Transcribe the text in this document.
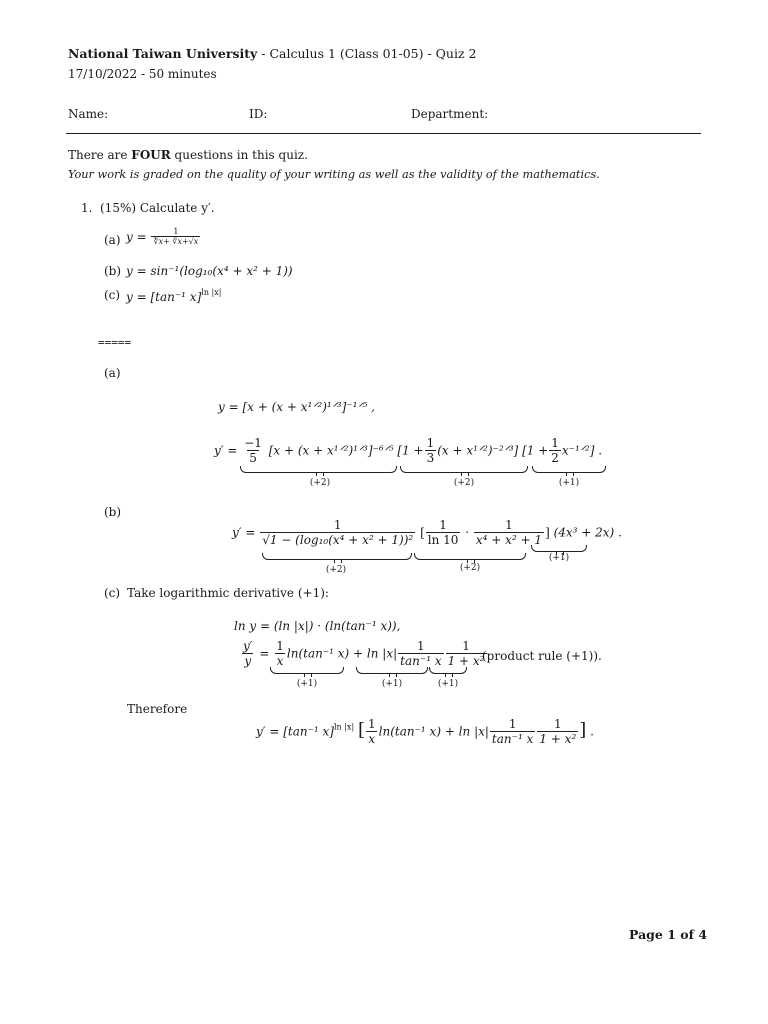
National Taiwan University - Calculus 1 (Class 01-05) - Quiz 2
17/10/2022 - 50 minutes
Name:	ID:	Department:
There are FOUR questions in this quiz.
Your work is graded on the quality of your writing as well as the validity of the mathematics.
1. (15%) Calculate y′.
(a) $y = \frac{1}{∜x+ ∛x+√x}$
(b) y = sin⁻¹(log₁₀(x⁴ + x² + 1))
(c) y = [tan⁻¹ x]$^{ln |x|}$
=====
(a)
y = [x + (x + x¹ᐟ²)¹ᐟ³]⁻¹ᐟ⁵ ,
$y' = \frac{-1}{5} [x + (x$ + x¹ᐟ²)¹ᐟ³]⁻⁶ᐟ⁵ [$1 + \frac{1}{3} (x$ + x¹ᐟ²)⁻²ᐟ³] [$1 + \frac{1}{2}$ x⁻¹ᐟ²] .
(+2)	(+2)	(+1)
(b)
$y' = \frac{1}{\text{√1 − (log₁₀(x⁴ + x² + 1))²}}$ [ $\frac{1}{\ln 10} \cdot \frac{1}{\text{x⁴ + x² + 1}}$ ] (4x³ + 2x) .
(+2)	(+2)
(+1)
(c) Take logarithmic derivative (+1):
ln y = (ln |x|) · (ln(tan⁻¹ x)),
$\frac{y'}{y} = \frac{1}{x} \ln(\tan^{-1}$ $x) + \ln |x| \frac{1}{\text{tan⁻¹ x}} \frac{1}{\text{1 + x²}}$
(product rule (+1)).
(+1)	(+1)	(+1)
Therefore
y′ = [tan⁻¹ x]$^{ln |x|}$ [ $\frac{1}{x} \ln(\tan^{-1}$ $x) + \ln |x| \frac{1}{\text{tan⁻¹ x}} \frac{1}{\text{1 + x²}}$ ] .
Page 1 of 4
